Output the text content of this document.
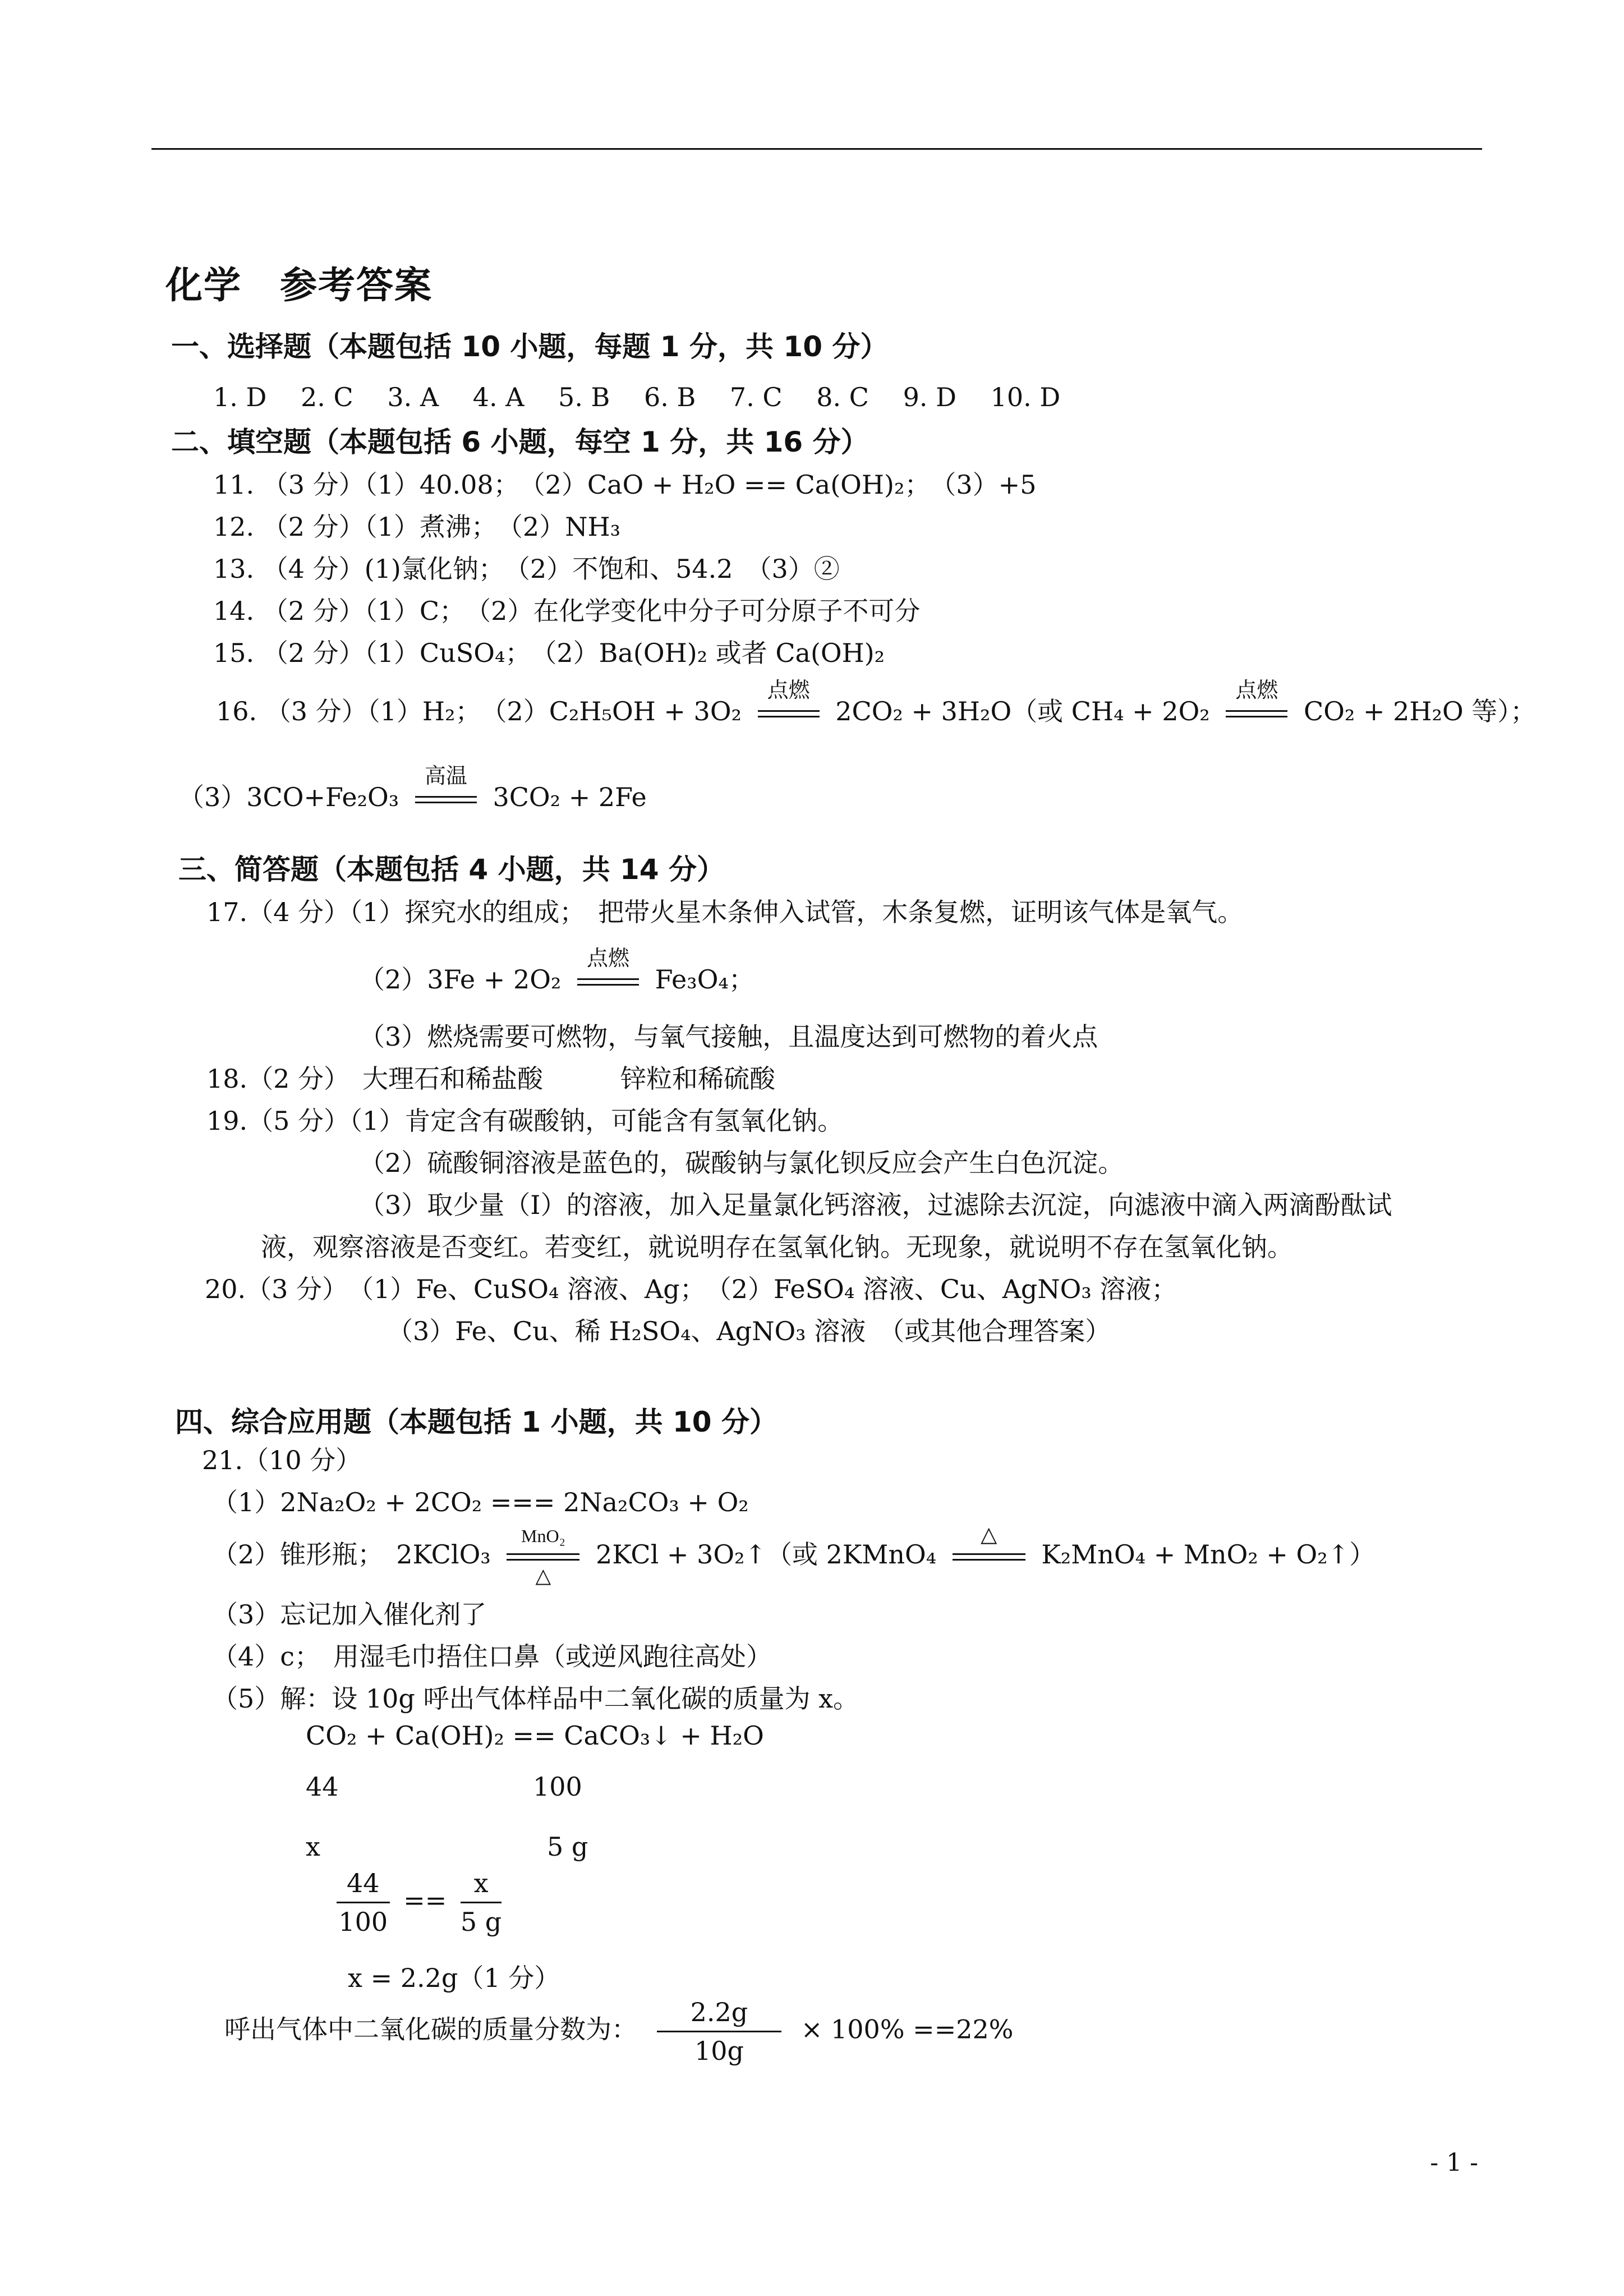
化学　参考答案
一、选择题（本题包括 10 小题，每题 1 分，共 10 分）
1. D　 2. C　 3. A　 4. A　 5. B　 6. B　 7. C　 8. C　 9. D　 10. D
二、填空题（本题包括 6 小题，每空 1 分，共 16 分）
11. （3 分）（1）40.08；　（2）CaO + H₂O == Ca(OH)₂；　（3）+5
12. （2 分）（1）煮沸；　（2）NH₃
13. （4 分）(1)氯化钠；　（2）不饱和、54.2　（3）②
14. （2 分）（1）C；　（2）在化学变化中分子可分原子不可分
15. （2 分）（1）CuSO₄；　（2）Ba(OH)₂ 或者 Ca(OH)₂
16. （3 分）（1）H₂；　（2）C₂H₅OH + 3O₂
点燃
2CO₂ + 3H₂O（或 CH₄ + 2O₂
点燃
CO₂ + 2H₂O 等）；
（3）3CO+Fe₂O₃
高温
3CO₂ + 2Fe
三、简答题（本题包括 4 小题，共 14 分）
17.（4 分）（1）探究水的组成；　把带火星木条伸入试管，木条复燃，证明该气体是氧气。
（2）3Fe + 2O₂
点燃
Fe₃O₄；
（3）燃烧需要可燃物，与氧气接触，且温度达到可燃物的着火点
18.（2 分）　大理石和稀盐酸　　　锌粒和稀硫酸
19.（5 分）（1）肯定含有碳酸钠，可能含有氢氧化钠。
（2）硫酸铜溶液是蓝色的，碳酸钠与氯化钡反应会产生白色沉淀。
（3）取少量（I）的溶液，加入足量氯化钙溶液，过滤除去沉淀，向滤液中滴入两滴酚酞试
液，观察溶液是否变红。若变红，就说明存在氢氧化钠。无现象，就说明不存在氢氧化钠。
20.（3 分）　（1）Fe、CuSO₄ 溶液、Ag；　（2）FeSO₄ 溶液、Cu、AgNO₃ 溶液；
（3）Fe、Cu、稀 H₂SO₄、AgNO₃ 溶液　（或其他合理答案）
四、综合应用题（本题包括 1 小题，共 10 分）
21.（10 分）
（1）2Na₂O₂ + 2CO₂ === 2Na₂CO₃ + O₂
（2）锥形瓶；　2KClO₃
MnO₂
△
2KCl + 3O₂↑（或 2KMnO₄
△
K₂MnO₄ + MnO₂ + O₂↑）
（3）忘记加入催化剂了
（4）c；　用湿毛巾捂住口鼻（或逆风跑往高处）
（5）解：设 10g 呼出气体样品中二氧化碳的质量为 x。
CO₂ + Ca(OH)₂ == CaCO₃↓ + H₂O
44	100
x	5 g
$\frac{44}{100} == \frac{x}{5 g}$
x = 2.2g（1 分）
呼出气体中二氧化碳的质量分数为： $\frac{2.2g}{10g} \times 100\% ==22\%$
- 1 -
